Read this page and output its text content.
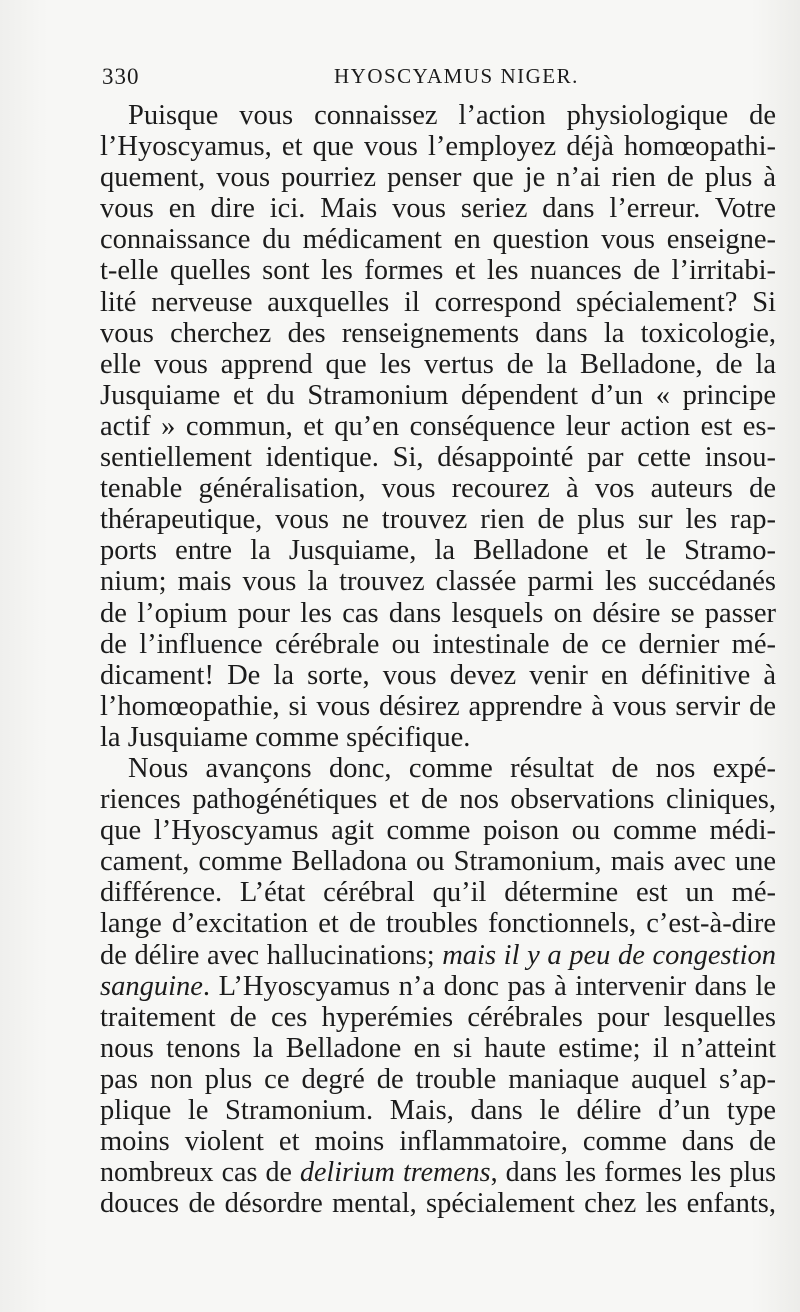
330	HYOSCYAMUS NIGER.
Puisque vous connaissez l’action physiologique de
l’Hyoscyamus, et que vous l’employez déjà homœopathi-
quement, vous pourriez penser que je n’ai rien de plus à
vous en dire ici. Mais vous seriez dans l’erreur. Votre
connaissance du médicament en question vous enseigne-
t-elle quelles sont les formes et les nuances de l’irritabi-
lité nerveuse auxquelles il correspond spécialement? Si
vous cherchez des renseignements dans la toxicologie,
elle vous apprend que les vertus de la Belladone, de la
Jusquiame et du Stramonium dépendent d’un « principe
actif » commun, et qu’en conséquence leur action est es-
sentiellement identique. Si, désappointé par cette insou-
tenable généralisation, vous recourez à vos auteurs de
thérapeutique, vous ne trouvez rien de plus sur les rap-
ports entre la Jusquiame, la Belladone et le Stramo-
nium; mais vous la trouvez classée parmi les succédanés
de l’opium pour les cas dans lesquels on désire se passer
de l’influence cérébrale ou intestinale de ce dernier mé-
dicament! De la sorte, vous devez venir en définitive à
l’homœopathie, si vous désirez apprendre à vous servir de
la Jusquiame comme spécifique.
Nous avançons donc, comme résultat de nos expé-
riences pathogénétiques et de nos observations cliniques,
que l’Hyoscyamus agit comme poison ou comme médi-
cament, comme Belladona ou Stramonium, mais avec une
différence. L’état cérébral qu’il détermine est un mé-
lange d’excitation et de troubles fonctionnels, c’est-à-dire
de délire avec hallucinations; mais il y a peu de congestion
sanguine. L’Hyoscyamus n’a donc pas à intervenir dans le
traitement de ces hyperémies cérébrales pour lesquelles
nous tenons la Belladone en si haute estime; il n’atteint
pas non plus ce degré de trouble maniaque auquel s’ap-
plique le Stramonium. Mais, dans le délire d’un type
moins violent et moins inflammatoire, comme dans de
nombreux cas de delirium tremens, dans les formes les plus
douces de désordre mental, spécialement chez les enfants,
